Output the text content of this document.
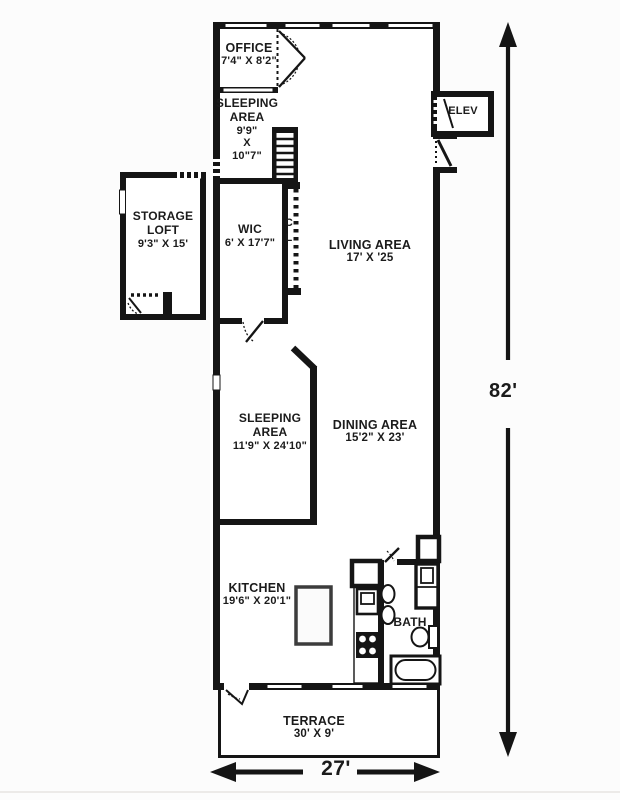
OFFICE
7'4" X 8'2"
SLEEPING
AREA
9'9"
X
10"7"
STORAGE
LOFT
9'3" X 15'
WIC
6' X 17'7"
C
L	LIVING AREA
17' X '25
ELEV
SLEEPING
AREA
11'9" X 24'10"
DINING AREA
15'2" X 23'
KITCHEN
19'6" X 20'1"
BATH
TERRACE
30' X 9'
82'
27'
